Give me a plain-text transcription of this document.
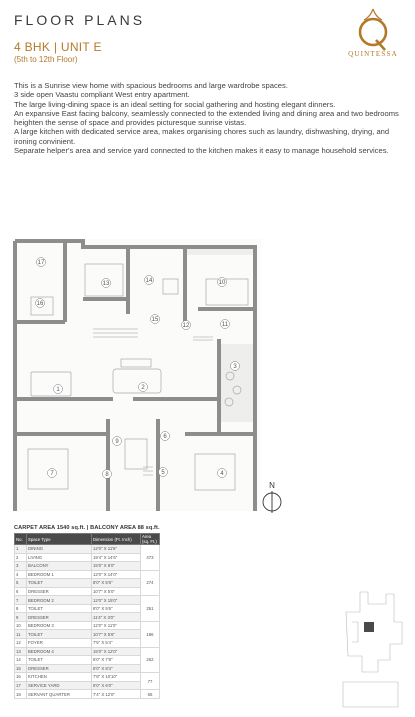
FLOOR PLANS
4 BHK | UNIT E
(5th to 12th Floor)
QUINTESSA

This is a Sunrise view home with spacious bedrooms and large wardrobe spaces.

3 side open Vaastu compliant West entry apartment.

The large living-dining space is an ideal setting for social gathering and hosting elegant dinners.

An expansive East facing balcony, seamlessly connected to the extended living and dining area and two bedrooms heighten the sense of space and provides picturesque sunrise vistas.

A large kitchen with dedicated service area, makes organising chores such as laundry, dishwashing, drying, and ironing convinient.

Separate helper's area and service yard connected to the kitchen makes it easy to manage household services.

1	2
3
4
5
6
7	8
9
10
11
12
13	14
15
16
17
N
CARPET AREA 1540 sq.ft. | BALCONY AREA 88 sq.ft.
No.	Space Type	Dimension (Ft. Inch)	Area (sq. Ft.)
1	DINING	12'0" X 11'6"	473
2	LIVING	19'4" X 14'6"	
3	BALCONY	15'0" X 6'0"	
4	BEDROOM 1	12'0" X 14'0"	274
5	TOILET	8'0" X 5'6"	
6	DRESSER	10'7" X 5'0"	
7	BEDROOM 2	12'0" X 15'0"	251
8	TOILET	8'0" X 5'6"	
9	DRESSER	11'4" X 3'0"	
10	BEDROOM 3	12'0" X 11'0"	186
11	TOILET	10'7" X 5'6"	
12	FOYER	7'5" X 5'4"	
13	BEDROOM 4	15'0" X 12'0"	262
14	TOILET	6'0" X 7'8"	
15	DRESSER	6'0" X 8'4"	
16	KITCHEN	7'8" X 10'10"	77
17	SERVICE YARD	5'0" X 6'0"	
18	SERVANT QUARTER	7'4" X 12'0"	65
